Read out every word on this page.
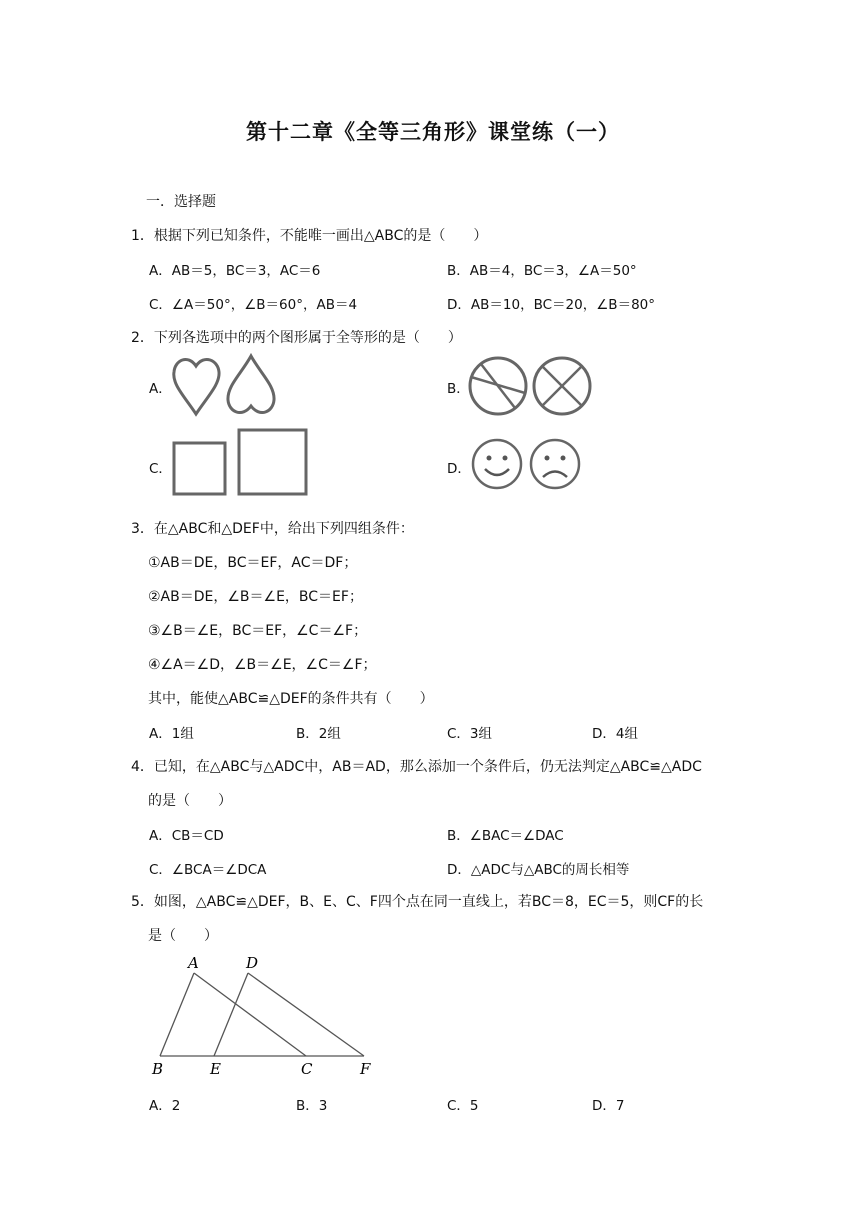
第十二章《全等三角形》课堂练（一）
一．选择题
1．根据下列已知条件，不能唯一画出△ABC的是（　　）
A．AB＝5，BC＝3，AC＝6	B．AB＝4，BC＝3，∠A＝50°
C．∠A＝50°，∠B＝60°，AB＝4	D．AB＝10，BC＝20，∠B＝80°
2．下列各选项中的两个图形属于全等形的是（　　）
A．	B．
C．	D．
3．在△ABC和△DEF中，给出下列四组条件：
①AB＝DE，BC＝EF，AC＝DF；
②AB＝DE，∠B＝∠E，BC＝EF；
③∠B＝∠E，BC＝EF，∠C＝∠F；
④∠A＝∠D，∠B＝∠E，∠C＝∠F；
其中，能使△ABC≌△DEF的条件共有（　　）
A．1组	B．2组	C．3组	D．4组
4．已知，在△ABC与△ADC中，AB＝AD，那么添加一个条件后，仍无法判定△ABC≌△ADC
的是（　　）
A．CB＝CD	B．∠BAC＝∠DAC
C．∠BCA＝∠DCA	D．△ADC与△ABC的周长相等
5．如图，△ABC≌△DEF，B、E、C、F四个点在同一直线上，若BC＝8，EC＝5，则CF的长
是（　　）
A	D
B	E	C	F
A．2	B．3	C．5	D．7
